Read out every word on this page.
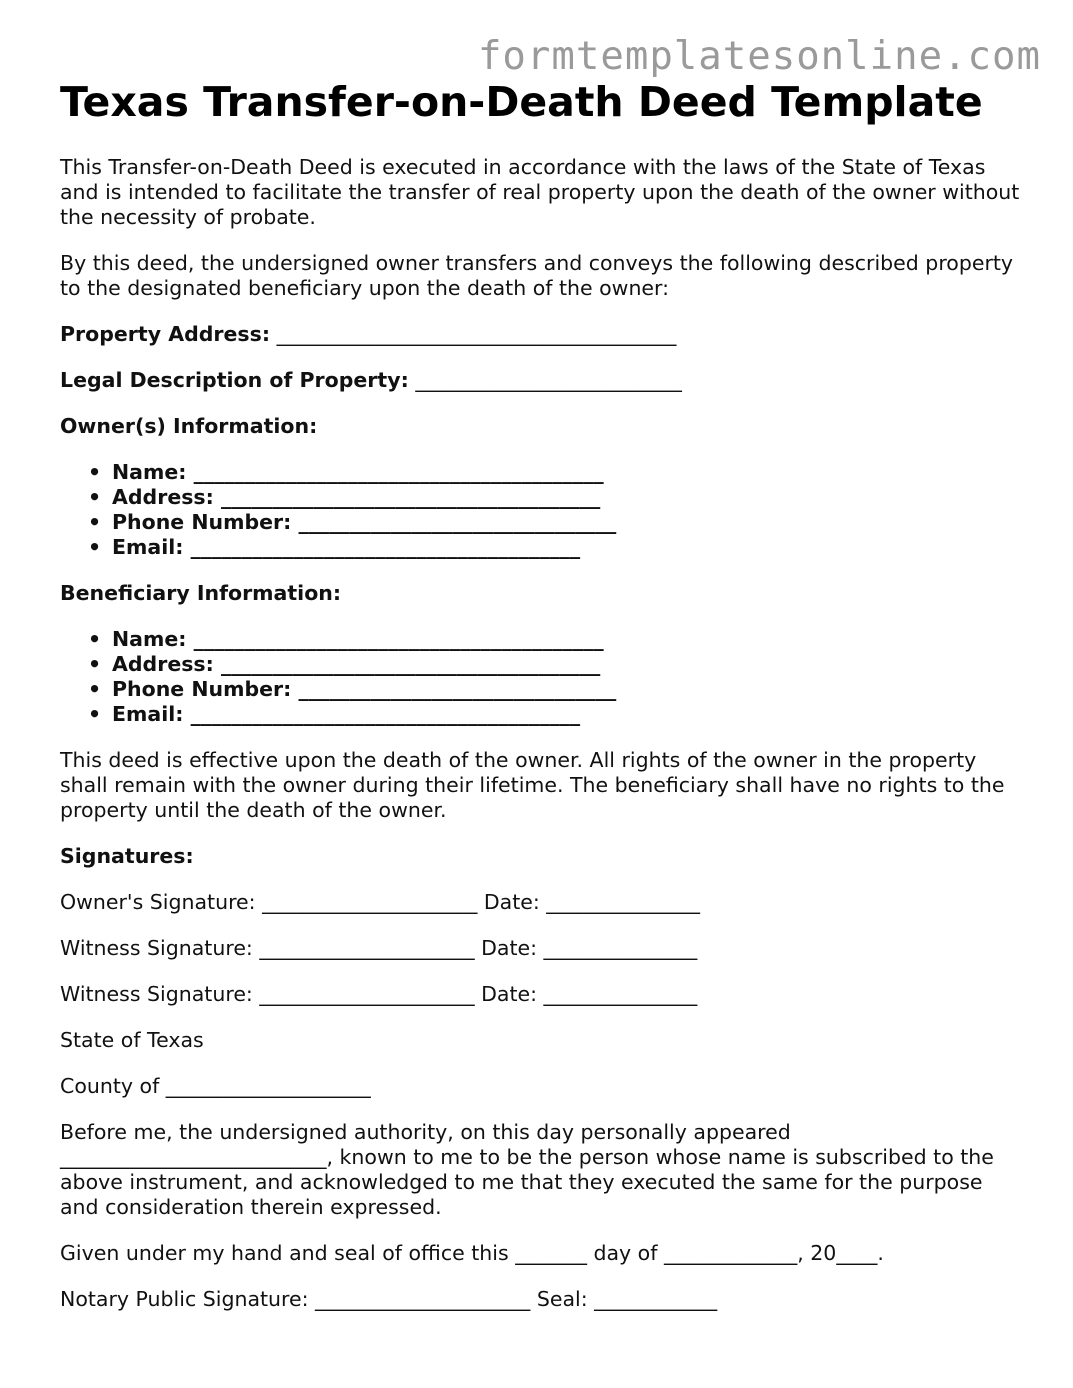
formtemplatesonline.com
Texas Transfer-on-Death Deed Template

This Transfer-on-Death Deed is executed in accordance with the laws of the State of Texas and is intended to facilitate the transfer of real property upon the death of the owner without the necessity of probate.

By this deed, the undersigned owner transfers and conveys the following described property to the designated beneficiary upon the death of the owner:

Property Address: _______________________________________

Legal Description of Property: __________________________

Owner(s) Information:

• Name: ________________________________________
• Address: _____________________________________
• Phone Number: _______________________________
• Email: ______________________________________

Beneficiary Information:

• Name: ________________________________________
• Address: _____________________________________
• Phone Number: _______________________________
• Email: ______________________________________

This deed is effective upon the death of the owner. All rights of the owner in the property shall remain with the owner during their lifetime. The beneficiary shall have no rights to the property until the death of the owner.

Signatures:

Owner's Signature: _____________________ Date: _______________

Witness Signature: _____________________ Date: _______________

Witness Signature: _____________________ Date: _______________

State of Texas

County of ____________________

Before me, the undersigned authority, on this day personally appeared __________________________, known to me to be the person whose name is subscribed to the above instrument, and acknowledged to me that they executed the same for the purpose and consideration therein expressed.

Given under my hand and seal of office this _______ day of _____________, 20____.

Notary Public Signature: _____________________ Seal: ____________
